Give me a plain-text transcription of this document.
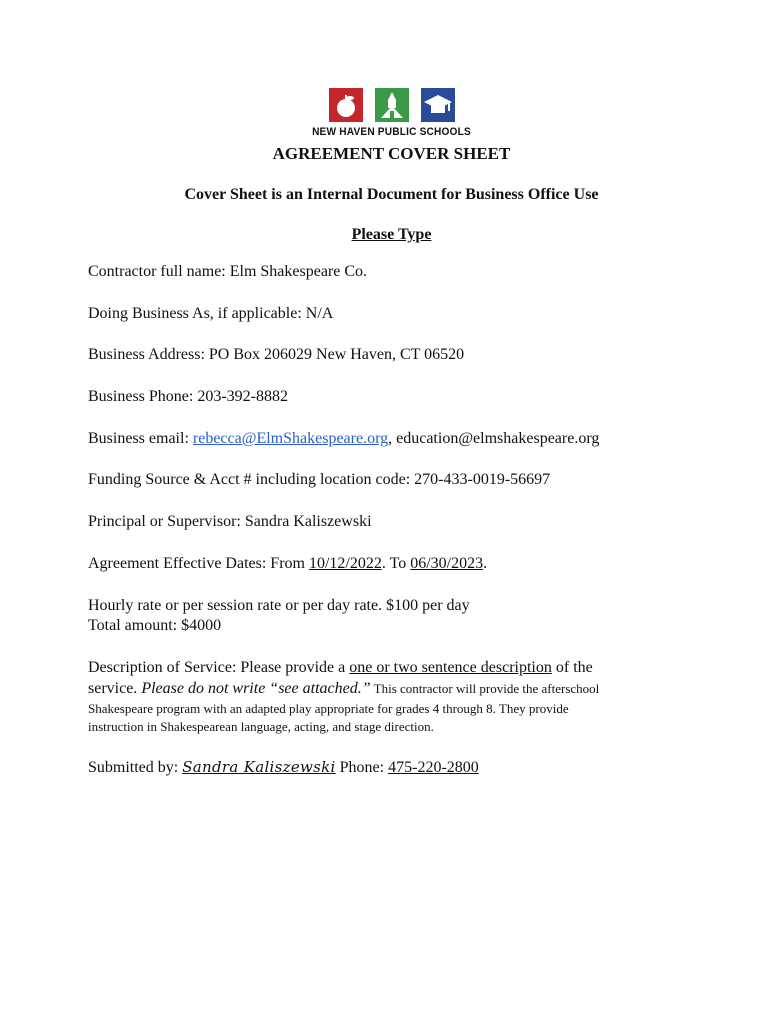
NEW HAVEN PUBLIC SCHOOLS
AGREEMENT COVER SHEET
Cover Sheet is an Internal Document for Business Office Use
Please Type
Contractor full name: Elm Shakespeare Co.
Doing Business As, if applicable: N/A
Business Address: PO Box 206029 New Haven, CT 06520
Business Phone: 203-392-8882
Business email: rebecca@ElmShakespeare.org, education@elmshakespeare.org
Funding Source & Acct # including location code: 270-433-0019-56697
Principal or Supervisor: Sandra Kaliszewski
Agreement Effective Dates: From 10/12/2022. To 06/30/2023.
Hourly rate or per session rate or per day rate. $100 per day
Total amount: $4000
Description of Service: Please provide a one or two sentence description of the
service. Please do not write “see attached.” This contractor will provide the afterschool
Shakespeare program with an adapted play appropriate for grades 4 through 8. They provide
instruction in Shakespearean language, acting, and stage direction.
Submitted by: Sandra Kaliszewski Phone: 475-220-2800
